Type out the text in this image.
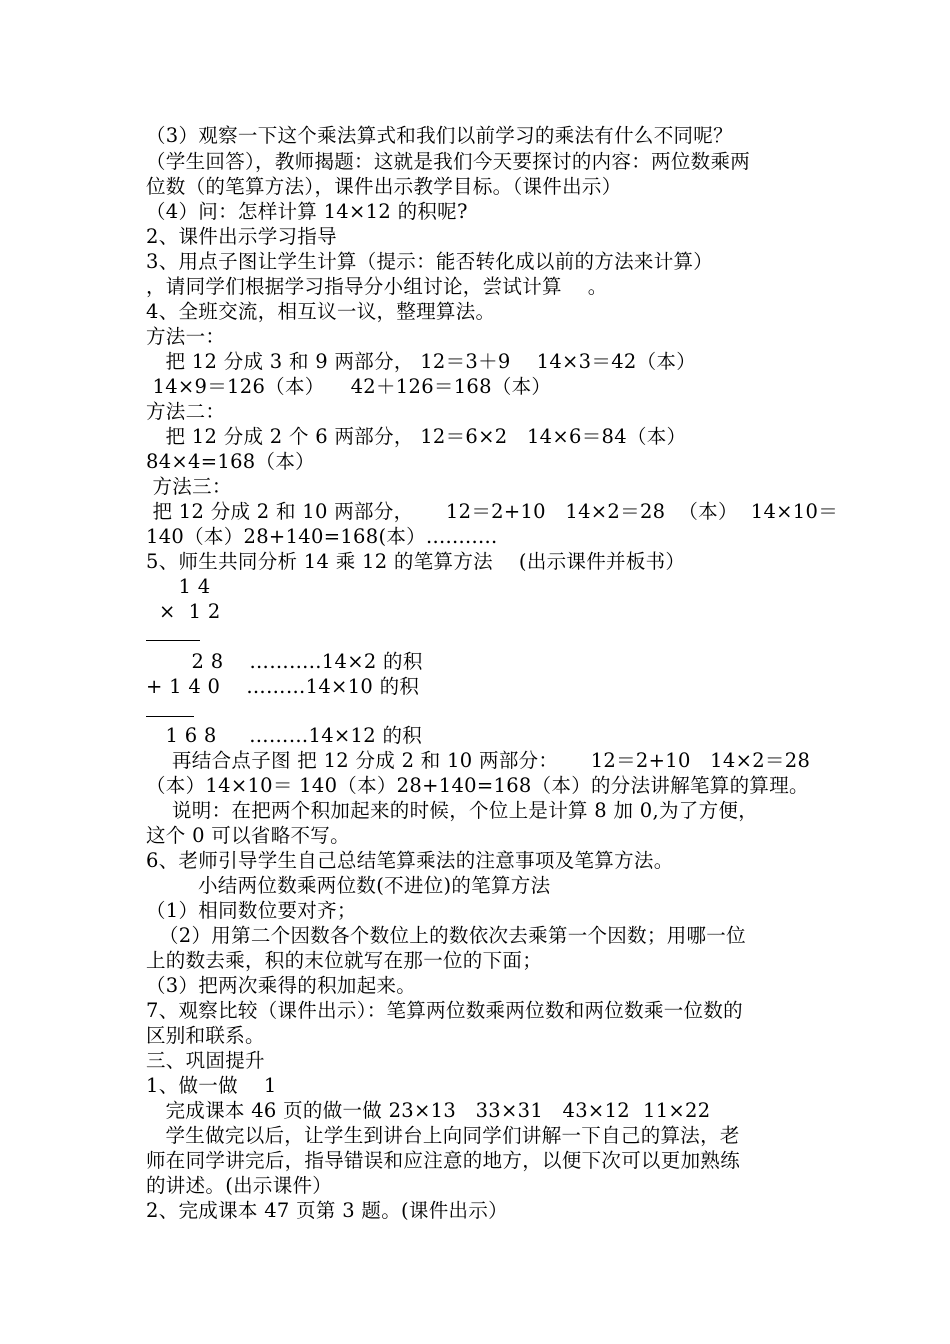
（3）观察一下这个乘法算式和我们以前学习的乘法有什么不同呢？
（学生回答），教师揭题：这就是我们今天要探讨的内容：两位数乘两
位数（的笔算方法），课件出示教学目标。（课件出示）
（4）问：怎样计算 14×12 的积呢?
2、课件出示学习指导
3、用点子图让学生计算（提示：能否转化成以前的方法来计算）
，请同学们根据学习指导分小组讨论，尝试计算    。
4、全班交流，相互议一议，整理算法。
方法一：
把 12 分成 3 和 9 两部分， 12＝3＋9    14×3＝42（本）
14×9＝126（本）    42＋126＝168（本）
方法二：
把 12 分成 2 个 6 两部分， 12＝6×2   14×6＝84（本）
84×4=168（本）
方法三：
把 12 分成 2 和 10 两部分，     12＝2+10   14×2＝28  （本）  14×10＝
140（本）28+140=168(本）...........
5、师生共同分析 14 乘 12 的笔算方法    (出示课件并板书）
1 4
×  1 2
2 8    ………..14×2 的积
+ 1 4 0    ………14×10 的积
1 6 8     ………14×12 的积
再结合点子图 把 12 分成 2 和 10 两部分：     12＝2+10   14×2＝28
（本）14×10＝ 140（本）28+140=168（本）的分法讲解笔算的算理。
说明：在把两个积加起来的时候，个位上是计算 8 加 0,为了方便，
这个 0 可以省略不写。
6、老师引导学生自己总结笔算乘法的注意事项及笔算方法。
小结两位数乘两位数(不进位)的笔算方法
（1）相同数位要对齐；
（2）用第二个因数各个数位上的数依次去乘第一个因数；用哪一位
上的数去乘，积的末位就写在那一位的下面；
（3）把两次乘得的积加起来。
7、观察比较（课件出示）：笔算两位数乘两位数和两位数乘一位数的
区别和联系。
三、巩固提升
1、做一做    1
完成课本 46 页的做一做 23×13   33×31   43×12  11×22
学生做完以后，让学生到讲台上向同学们讲解一下自己的算法，老
师在同学讲完后，指导错误和应注意的地方，以便下次可以更加熟练
的讲述。(出示课件）
2、完成课本 47 页第 3 题。(课件出示）
